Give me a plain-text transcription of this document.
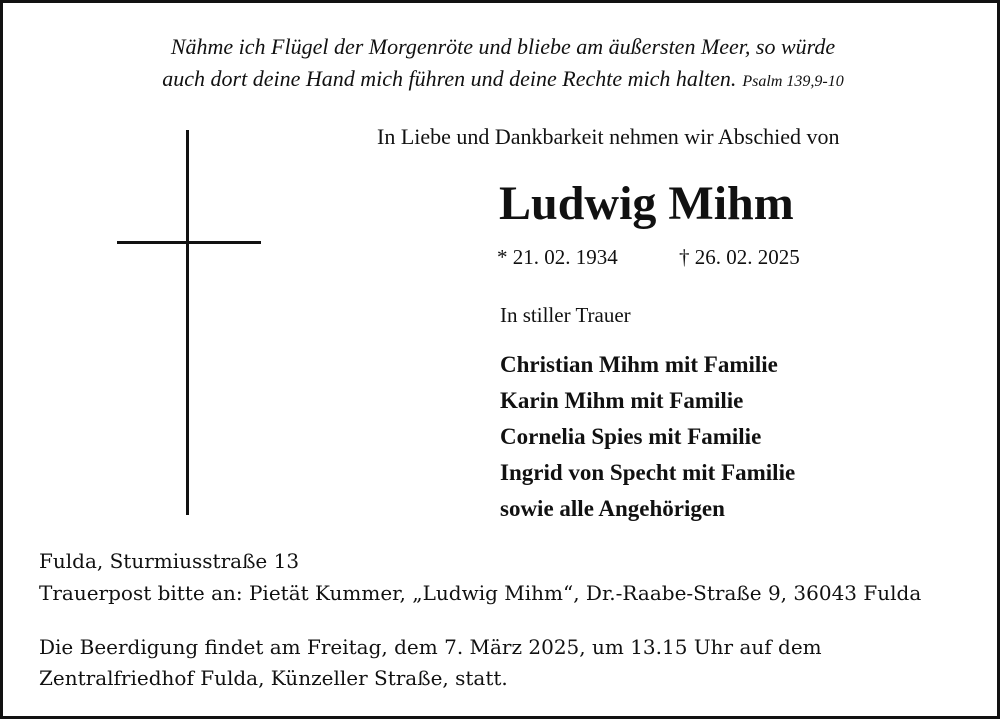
Nähme ich Flügel der Morgenröte und bliebe am äußersten Meer, so würde
auch dort deine Hand mich führen und deine Rechte mich halten. Psalm 139,9-10
In Liebe und Dankbarkeit nehmen wir Abschied von
Ludwig Mihm
* 21. 02. 1934	† 26. 02. 2025
In stiller Trauer
Christian Mihm mit Familie
Karin Mihm mit Familie
Cornelia Spies mit Familie
Ingrid von Specht mit Familie
sowie alle Angehörigen
Fulda, Sturmiusstraße 13
Trauerpost bitte an: Pietät Kummer, „Ludwig Mihm“, Dr.-Raabe-Straße 9, 36043 Fulda
Die Beerdigung findet am Freitag, dem 7. März 2025, um 13.15 Uhr auf dem
Zentralfriedhof Fulda, Künzeller Straße, statt.
